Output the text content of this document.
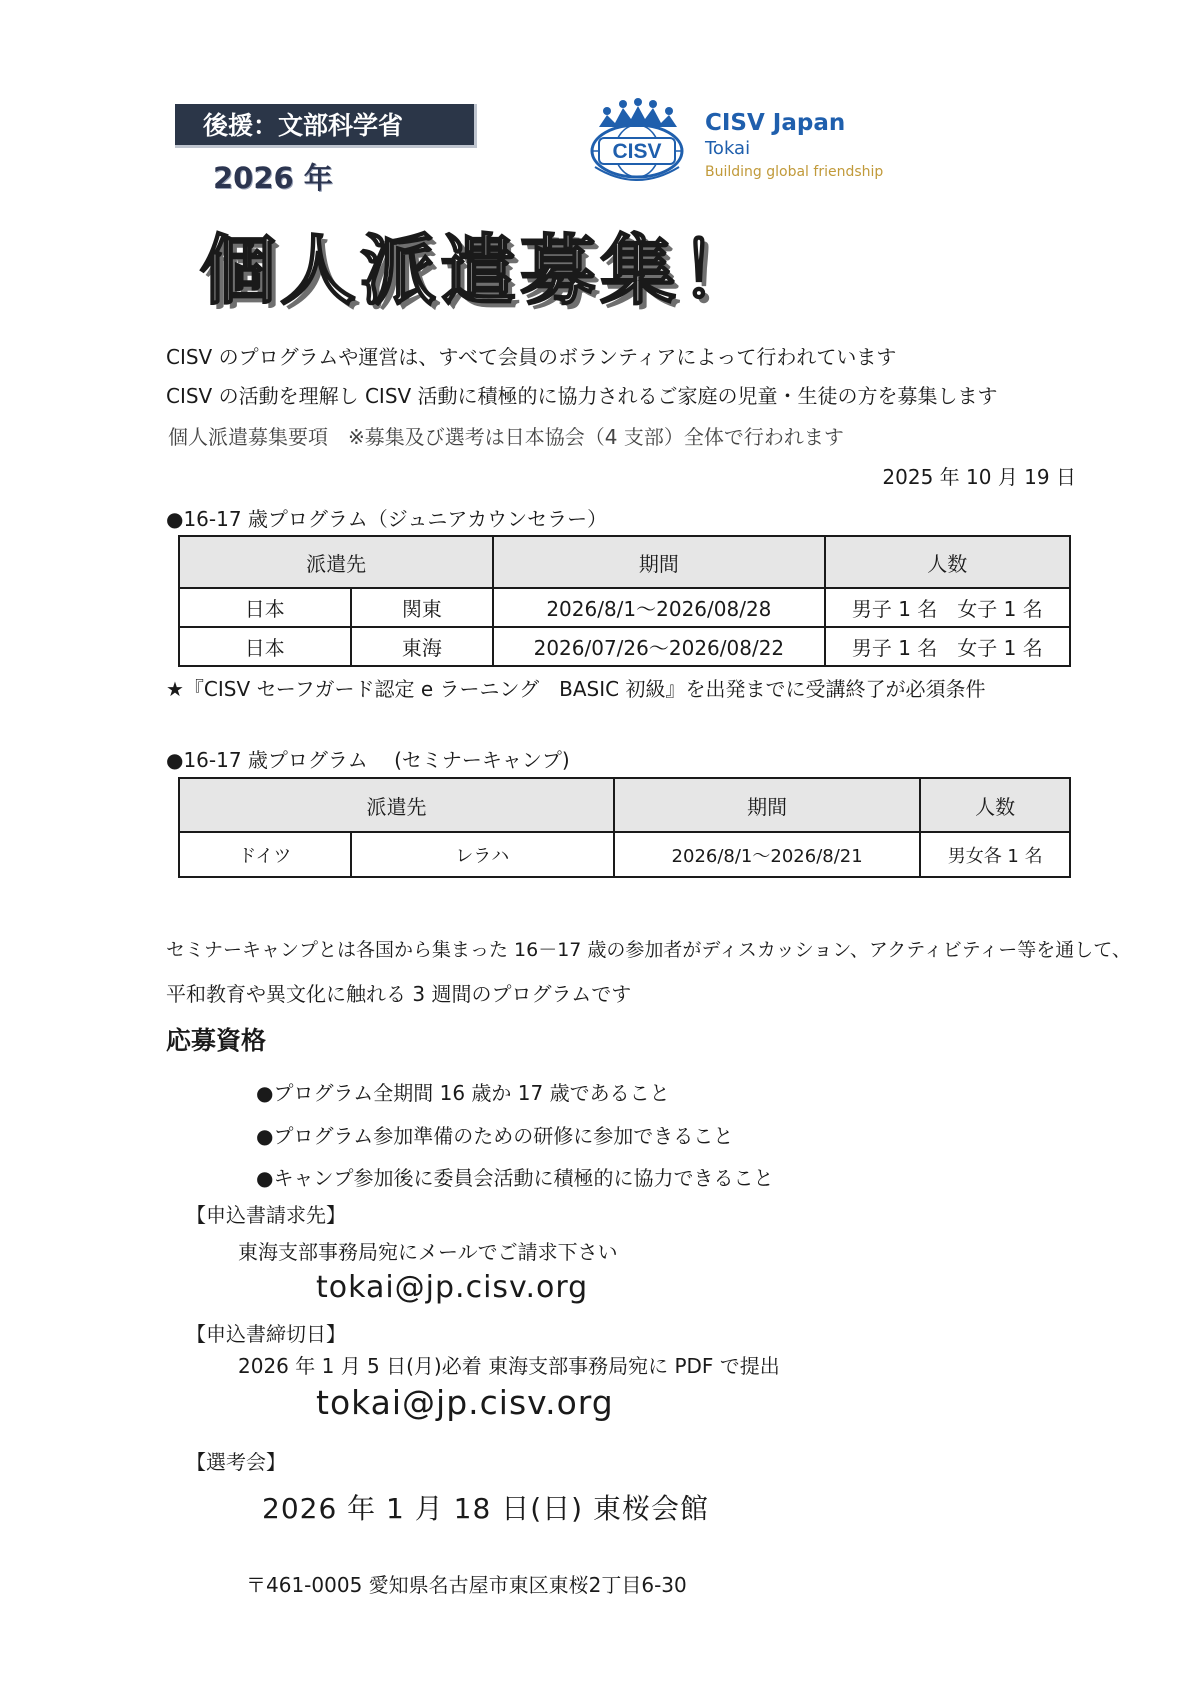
後援：文部科学省
2026 年
CISV
CISV Japan
Tokai
Building global friendship
個人派遣募集！
CISV のプログラムや運営は、すべて会員のボランティアによって行われています
CISV の活動を理解し CISV 活動に積極的に協力されるご家庭の児童・生徒の方を募集します
個人派遣募集要項　※募集及び選考は日本協会（4 支部）全体で行われます
2025 年 10 月 19 日
●16-17 歳プログラム（ジュニアカウンセラー）
派遣先		期間	人数
日本	関東	2026/8/1〜2026/08/28	男子 1 名　女子 1 名
日本	東海	2026/07/26〜2026/08/22	男子 1 名　女子 1 名
★『CISV セーフガード認定 e ラーニング　BASIC 初級』を出発までに受講終了が必須条件
●16-17 歳プログラム　 (セミナーキャンプ)
派遣先		期間	人数
ドイツ	レラハ	2026/8/1〜2026/8/21	男女各 1 名
セミナーキャンプとは各国から集まった 16－17 歳の参加者がディスカッション、アクティビティー等を通して、
平和教育や異文化に触れる 3 週間のプログラムです
応募資格
●プログラム全期間 16 歳か 17 歳であること
●プログラム参加準備のための研修に参加できること
●キャンプ参加後に委員会活動に積極的に協力できること
【申込書請求先】
東海支部事務局宛にメールでご請求下さい
tokai@jp.cisv.org
【申込書締切日】
2026 年 1 月 5 日(月)必着 東海支部事務局宛に PDF で提出
tokai@jp.cisv.org
【選考会】
2026 年 1 月 18 日(日) 東桜会館
〒461-0005 愛知県名古屋市東区東桜2丁目6-30
